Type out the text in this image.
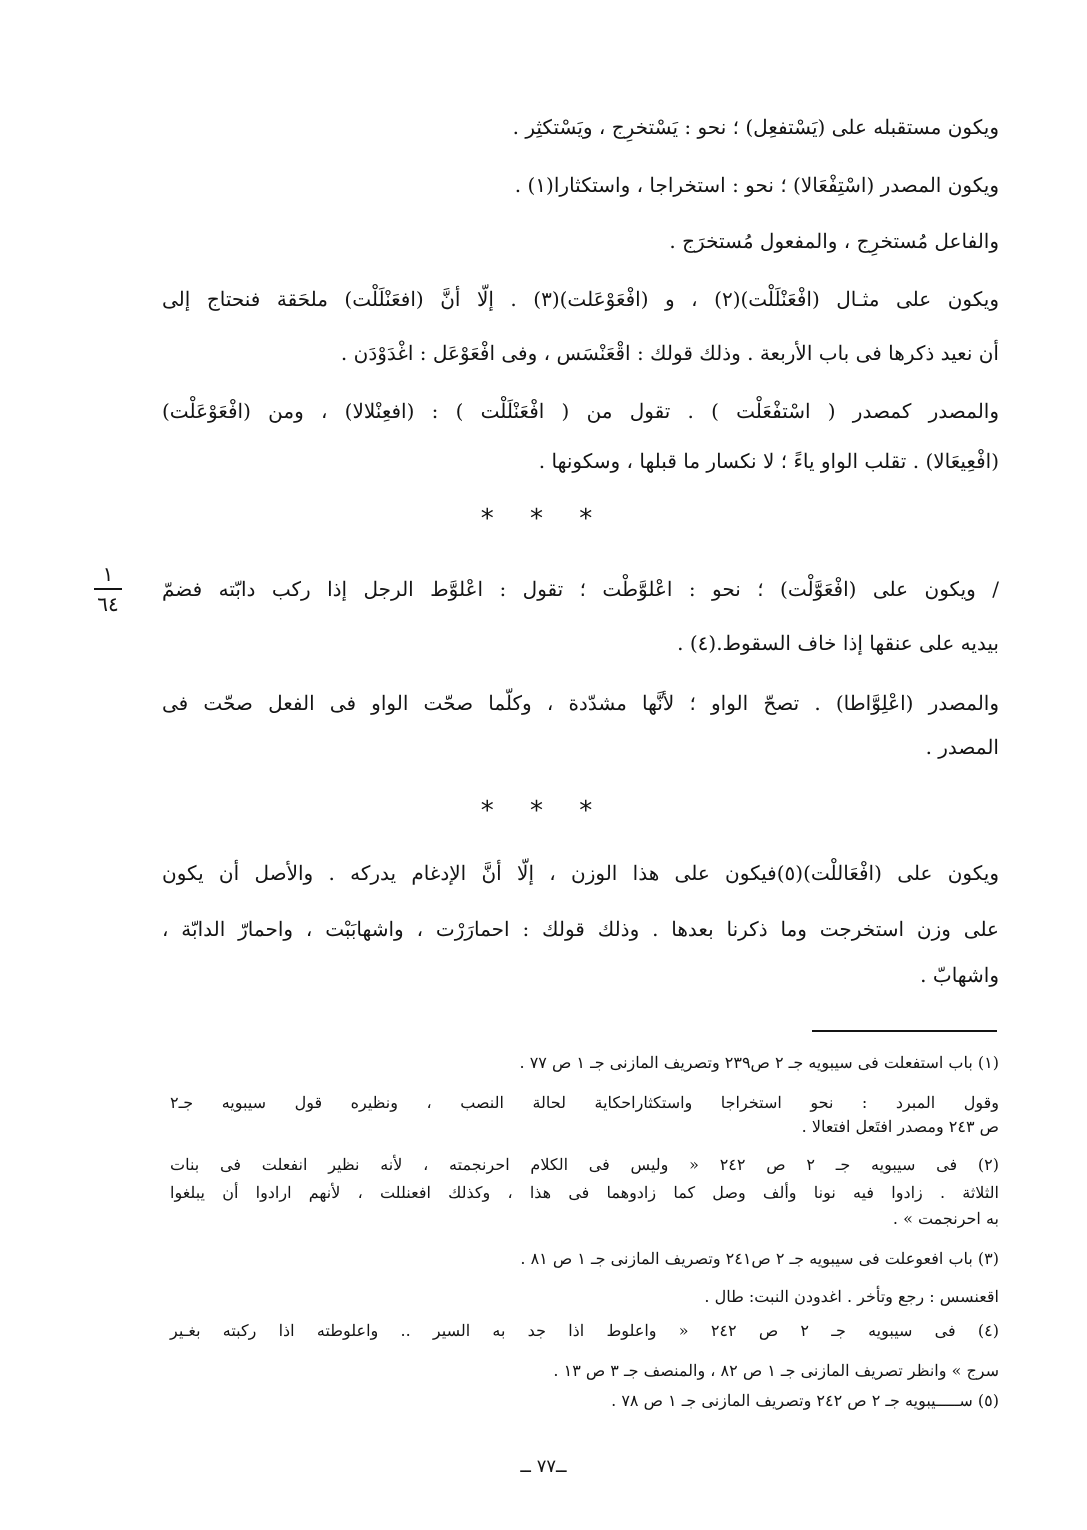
ويكون مستقبله على (يَسْتفعِل) ؛ نحو : يَسْتخرِج ، ويَسْتكثِر .
ويكون المصدر (اسْتِفْعَالا) ؛ نحو : استخراجا ، واستكثارا(١) .
والفاعل مُستخرِج ، والمفعول مُستخرَج .
ويكون على مثـال (افْعَنْلَلْت)(٢) ، و (افْعَوْعَلت)(٣) . إلّا أنَّ (افعَنْلَلْت) ملحَقة فنحتاج إلى
أن نعيد ذكرها فى باب الأربعة . وذلك قولك : اقْعَنْسَس ، وفى افْعَوْعَل : اغْدَوْدَن .
والمصدر كمصدر ( اسْتفْعَلْت ) . تقول من ( افْعَنْلَلْت ) : (افعِنْلالا) ، ومن (افْعَوْعَلْت)
(افْعِيعَالا) . تقلب الواو ياءً ؛ لا نكسار ما قبلها ، وسكونها .
* * *
١
٦٤
/ ويكون على (افْعَوَّلْت) ؛ نحو : اعْلوَّطْت ؛ تقول : اعْلوَّط الرجل إذا ركب دابّته فضمّ
بيديه على عنقها إذا خاف السقوط.(٤) .
والمصدر (اعْلِوَّاطا) . تصحّ الواو ؛ لأنَّها مشدّدة ، وكلّما صحّت الواو فى الفعل صحّت فى
المصدر .
* * *
ويكون على (افْعَاللْت)(٥)فيكون على هذا الوزن ، إلّا أنَّ الإدغام يدركه . والأصل أن يكون
على وزن استخرجت وما ذكرنا بعدها . وذلك قولك : احمارَرْت ، واشهابَبْت ، واحمارّ الدابّة ،
واشهابّ .
(١) باب استفعلت فى سيبويه جـ ٢ ص٢٣٩ وتصريف المازنى جـ ١ ص ٧٧ .
وقول المبرد : نحو استخراجا واستكثاراحكاية لحالة النصب ، ونظيره قول سيبويه جـ٢
ص ٢٤٣ ومصدر افتَعل افتعالا .
(٢) فى سيبويه جـ ٢ ص ٢٤٢ « وليس فى الكلام احرنجمته ، لأنه نظير انفعلت فى بنات
الثلاثة . زادوا فيه نونا وألف وصل كما زادوهما فى هذا ، وكذلك افعنللت ، لأنهم ارادوا أن يبلغوا
به احرنجمت » .
(٣) باب افعوعلت فى سيبويه جـ ٢ ص٢٤١ وتصريف المازنى جـ ١ ص ٨١ .
اقعنسس : رجع وتأخر . اغدودن النبت: طال .
(٤) فى سيبويه جـ ٢ ص ٢٤٢ « واعلوط اذا جد به السير .. واعلوطته اذا ركبته بغـير
سرج » وانظر تصريف المازنى جـ ١ ص ٨٢ ، والمنصف جـ ٣ ص ١٣ .
(٥) ســـــيبويه جـ ٢ ص ٢٤٢ وتصريف المازنى جـ ١ ص ٧٨ .
ــ٧٧ ــ
